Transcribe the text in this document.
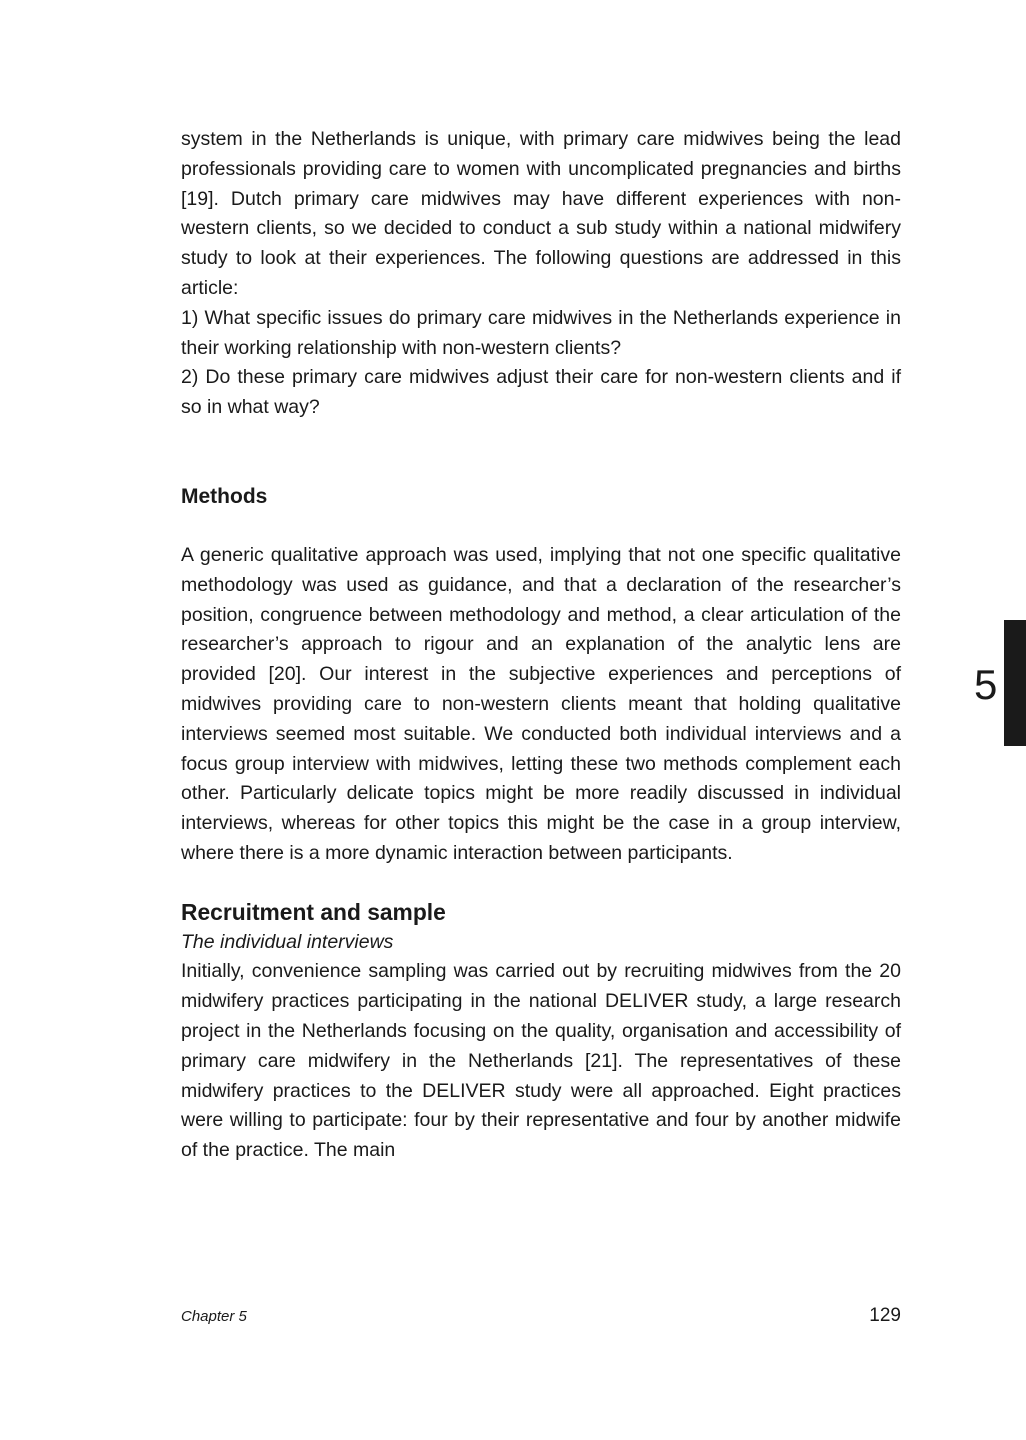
system in the Netherlands is unique, with primary care midwives being the lead professionals providing care to women with uncomplicated pregnancies and births [19]. Dutch primary care midwives may have different experiences with non-western clients, so we decided to conduct a sub study within a national midwifery study to look at their experiences. The following questions are addressed in this article:

1) What specific issues do primary care midwives in the Netherlands experience in their working relationship with non-western clients?

2) Do these primary care midwives adjust their care for non-western clients and if so in what way?

Methods

A generic qualitative approach was used, implying that not one specific qualitative methodology was used as guidance, and that a declaration of the researcher’s position, congruence between methodology and method, a clear articulation of the researcher’s approach to rigour and an explanation of the analytic lens are provided [20]. Our interest in the subjective experiences and perceptions of midwives providing care to non-western clients meant that holding qualitative interviews seemed most suitable. We conducted both individual interviews and a focus group interview with midwives, letting these two methods complement each other. Particularly delicate topics might be more readily discussed in individual interviews, whereas for other topics this might be the case in a group interview, where there is a more dynamic interaction between participants.

Recruitment and sample

The individual interviews

Initially, convenience sampling was carried out by recruiting midwives from the 20 midwifery practices participating in the national DELIVER study, a large research project in the Netherlands focusing on the quality, organisation and accessibility of primary care midwifery in the Netherlands [21]. The representatives of these midwifery practices to the DELIVER study were all approached. Eight practices were willing to participate: four by their representative and four by another midwife of the practice. The main

5
Chapter 5	129
